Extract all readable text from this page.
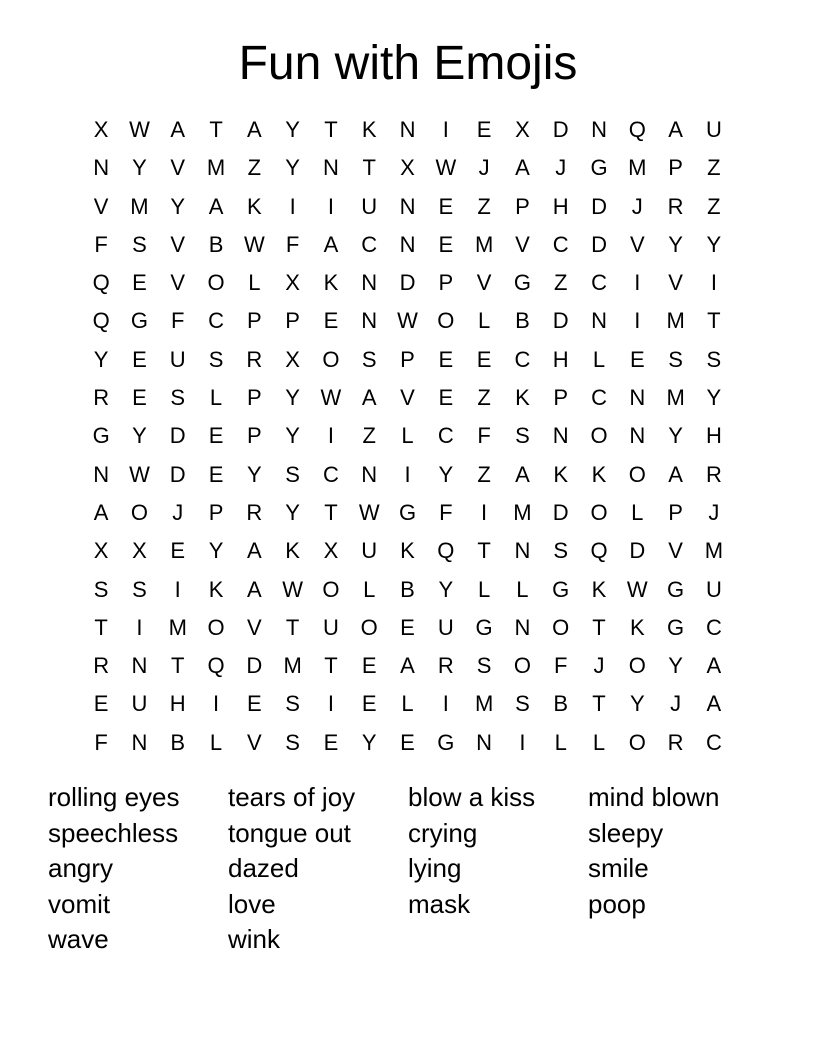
Fun with Emojis
X W A	T	A	Y	T	K	N	I	E	X	D	N Q	A	U
N	Y	V M	Z	Y	N	T	X W	J	A	J	G M P	Z
V M Y	A	K	I	I	U	N	E	Z	P	H	D	J	R	Z
F	S	V	B W F	A	C	N	E M V	C	D	V	Y	Y
Q	E	V	O	L	X	K	N	D	P	V	G	Z	C	I	V	I
Q G	F	C	P	P	E	N W O	L	B	D	N	I	M	T
Y	E	U	S	R	X	O	S	P	E	E	C	H	L	E	S	S
R	E	S	L	P	Y W A	V	E	Z	K	P	C	N M Y
G	Y	D	E	P	Y	I	Z	L	C	F	S	N O N	Y	H
N W D	E	Y	S	C	N	I	Y	Z	A	K	K	O	A	R
A	O	J	P	R	Y	T W G	F	I	M D O	L	P	J
X	X	E	Y	A	K	X	U	K	Q	T	N	S	Q D	V M
S	S	I	K	A W O	L	B	Y	L	L	G	K W G U
T	I	M O	V	T	U O	E	U G N O	T	K	G C
R	N	T	Q D M	T	E	A	R	S	O	F	J	O	Y	A
E	U	H	I	E	S	I	E	L	I	M S	B	T	Y	J	A
F	N	B	L	V	S	E	Y	E	G N	I	L	L	O R	C
rolling eyes	tears of joy	blow a kiss	mind blown
speechless	tongue out	crying	sleepy
angry	dazed	lying	smile
vomit	love	mask	poop
wave	wink
